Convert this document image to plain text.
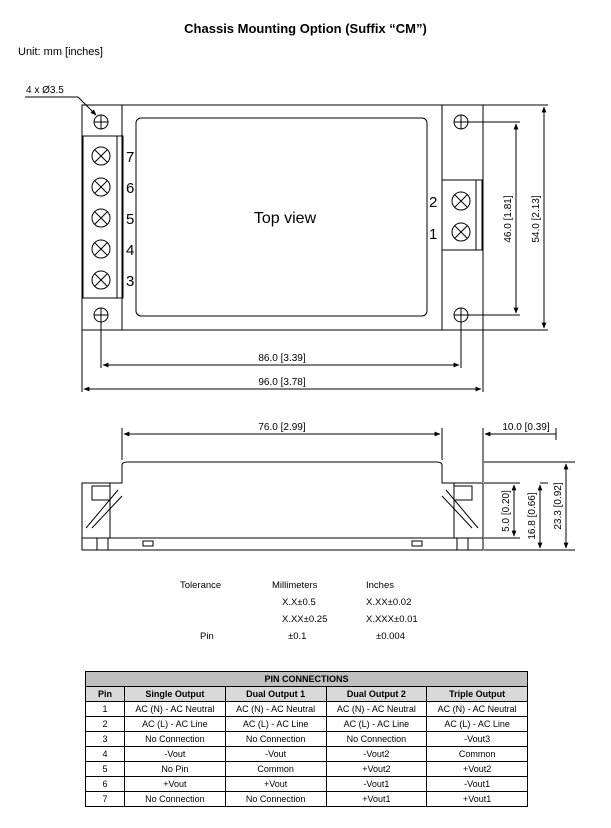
Chassis Mounting Option (Suffix “CM”)
Unit: mm [inches]
4 x Ø3.5
Top view
7
6
5
4
3
2
1
86.0 [3.39]
96.0 [3.78]
46.0 [1.81] 54.0 [2.13]
76.0 [2.99]	10.0 [0.39]
5.0 [0.20] 16.8 [0.66] 23.3 [0.92]
Tolerance	Millimeters	Inches
	X.X±0.5	X.XX±0.02
	X.XX±0.25	X.XXX±0.01
Pin	±0.1	±0.004
PIN CONNECTIONS				
Pin	Single Output	Dual Output 1	Dual Output 2	Triple Output
1	AC (N) - AC Neutral	AC (N) - AC Neutral	AC (N) - AC Neutral	AC (N) - AC Neutral
2	AC (L) - AC Line	AC (L) - AC Line	AC (L) - AC Line	AC (L) - AC Line
3	No Connection	No Connection	No Connection	-Vout3
4	-Vout	-Vout	-Vout2	Common
5	No Pin	Common	+Vout2	+Vout2
6	+Vout	+Vout	-Vout1	-Vout1
7	No Connection	No Connection	+Vout1	+Vout1
